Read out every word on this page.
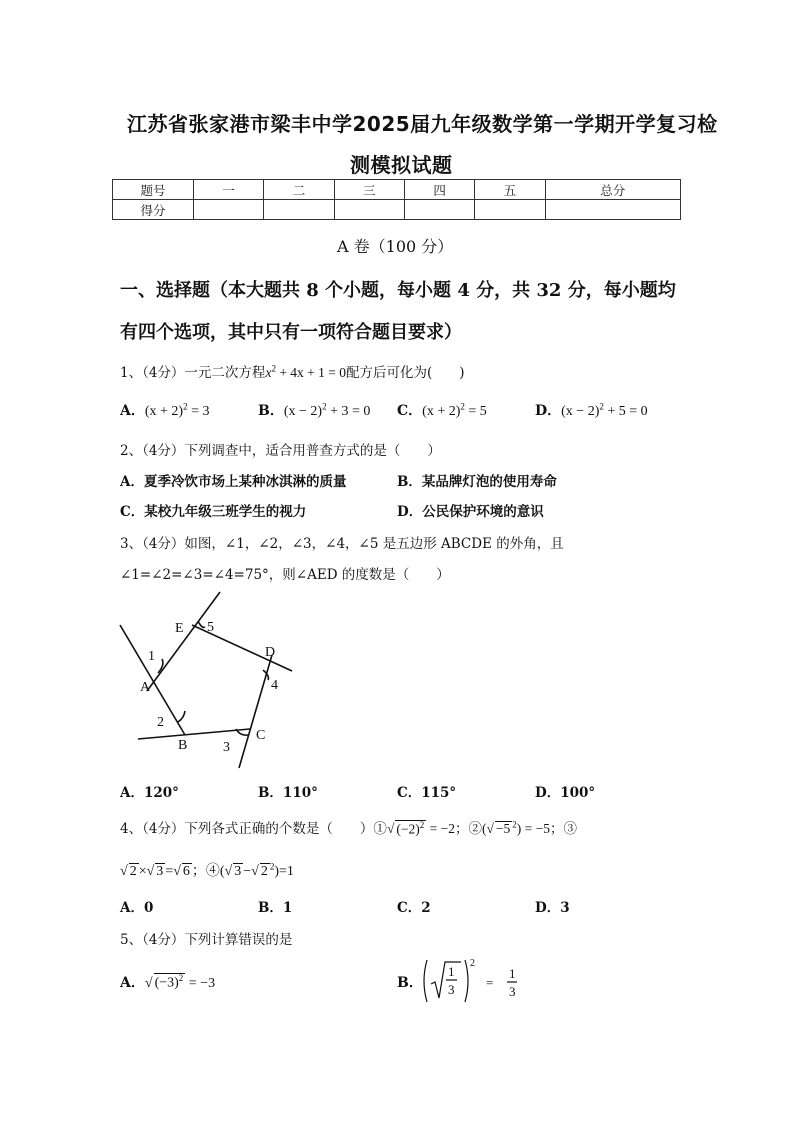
江苏省张家港市梁丰中学2025届九年级数学第一学期开学复习检
测模拟试题
题号	一	二	三	四	五	总分
得分						
A 卷（100 分）
一、选择题（本大题共 8 个小题，每小题 4 分，共 32 分，每小题均
有四个选项，其中只有一项符合题目要求）
1、（4分）一元二次方程$x^2 + 4x + 1 = 0$配方后可化为(　　)
A．$(x + 2)^2 = 3$	B．$(x - 2)^2 + 3 = 0$ C．$(x + 2)^2 = 5$	D．$(x - 2)^2 + 5 = 0$
2、（4分）下列调查中，适合用普查方式的是（　　）
A．夏季冷饮市场上某种冰淇淋的质量	B．某品牌灯泡的使用寿命
C．某校九年级三班学生的视力	D．公民保护环境的意识
3、（4分）如图，∠1，∠2，∠3，∠4，∠5 是五边形 ABCDE 的外角，且
∠1=∠2=∠3=∠4=75°，则∠AED 的度数是（　　）
E
D
A
B
C
1
2
3
4
5
A．120°	B．110°	C．115°	D．100°
4、（4分）下列各式正确的个数是（　　）①√ $(-2)^2 = -2$；②(√ −5 $^2$) = −5；③
√ 2 ×√ 3 =√ 6 ；④(√ 3 −√ 2 $^2$)=1
A．0	B．1	C．2	D．3
5、（4分）下列计算错误的是
A．√ $(-3)^2 = -3$	B．
1
3
2
=
1
3
